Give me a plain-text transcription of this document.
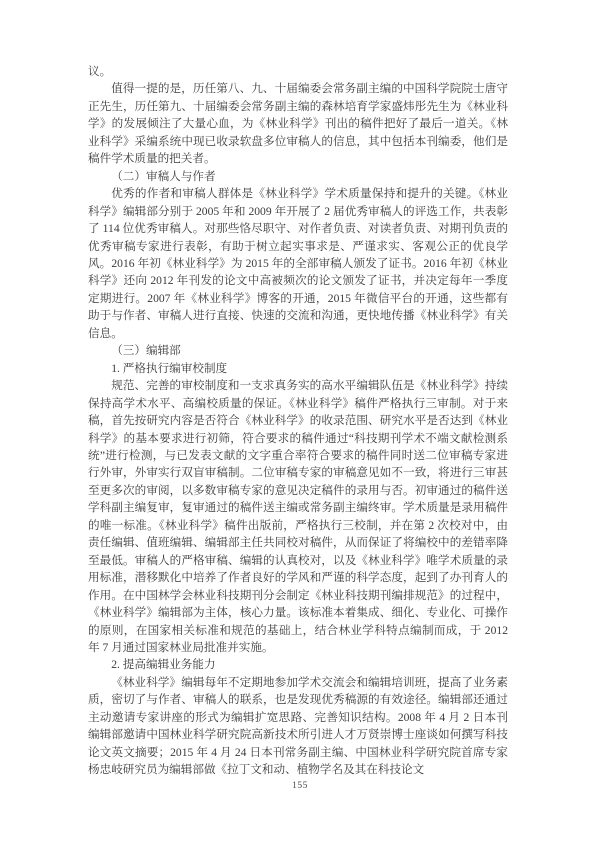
议。

值得一提的是，历任第八、九、十届编委会常务副主编的中国科学院院士唐守正先生，历任第九、十届编委会常务副主编的森林培育学家盛炜彤先生为《林业科学》的发展倾注了大量心血，为《林业科学》刊出的稿件把好了最后一道关。《林业科学》采编系统中现已收录软盘多位审稿人的信息，其中包括本刊编委，他们是稿件学术质量的把关者。

（二）审稿人与作者

优秀的作者和审稿人群体是《林业科学》学术质量保持和提升的关键。《林业科学》编辑部分别于 2005 年和 2009 年开展了 2 届优秀审稿人的评选工作，共表彰了 114 位优秀审稿人。对那些恪尽职守、对作者负责、对读者负责、对期刊负责的优秀审稿专家进行表彰，有助于树立起实事求是、严谨求实、客观公正的优良学风。2016 年初《林业科学》为 2015 年的全部审稿人颁发了证书。2016 年初《林业科学》还向 2012 年刊发的论文中高被频次的论文颁发了证书，并决定每年一季度定期进行。2007 年《林业科学》博客的开通，2015 年微信平台的开通，这些都有助于与作者、审稿人进行直接、快速的交流和沟通，更快地传播《林业科学》有关信息。

（三）编辑部

1. 严格执行编审校制度

规范、完善的审校制度和一支求真务实的高水平编辑队伍是《林业科学》持续保持高学术水平、高编校质量的保证。《林业科学》稿件严格执行三审制。对于来稿，首先按研究内容是否符合《林业科学》的收录范围、研究水平是否达到《林业科学》的基本要求进行初筛，符合要求的稿件通过“科技期刊学术不端文献检测系统”进行检测，与已发表文献的文字重合率符合要求的稿件同时送二位审稿专家进行外审，外审实行双盲审稿制。二位审稿专家的审稿意见如不一致，将进行三审甚至更多次的审阅，以多数审稿专家的意见决定稿件的录用与否。初审通过的稿件送学科副主编复审，复审通过的稿件送主编或常务副主编终审。学术质量是录用稿件的唯一标准。《林业科学》稿件出版前，严格执行三校制，并在第 2 次校对中，由责任编辑、值班编辑、编辑部主任共同校对稿件，从而保证了将编校中的差错率降至最低。审稿人的严格审稿、编辑的认真校对，以及《林业科学》唯学术质量的录用标准，潜移默化中培养了作者良好的学风和严谨的科学态度，起到了办刊育人的作用。在中国林学会林业科技期刊分会制定《林业科技期刊编排规范》的过程中，《林业科学》编辑部为主体，核心力量。该标准本着集成、细化、专业化、可操作的原则，在国家相关标准和规范的基础上，结合林业学科特点编制而成，于 2012 年 7 月通过国家林业局批准并实施。

2. 提高编辑业务能力

《林业科学》编辑每年不定期地参加学术交流会和编辑培训班，提高了业务素质，密切了与作者、审稿人的联系，也是发现优秀稿源的有效途径。编辑部还通过主动邀请专家讲座的形式为编辑扩宽思路、完善知识结构。2008 年 4 月 2 日本刊编辑部邀请中国林业科学研究院高新技术所引进人才万贤崇博士座谈如何撰写科技论文英文摘要；2015 年 4 月 24 日本刊常务副主编、中国林业科学研究院首席专家杨忠岐研究员为编辑部做《拉丁文和动、植物学名及其在科技论文

155
